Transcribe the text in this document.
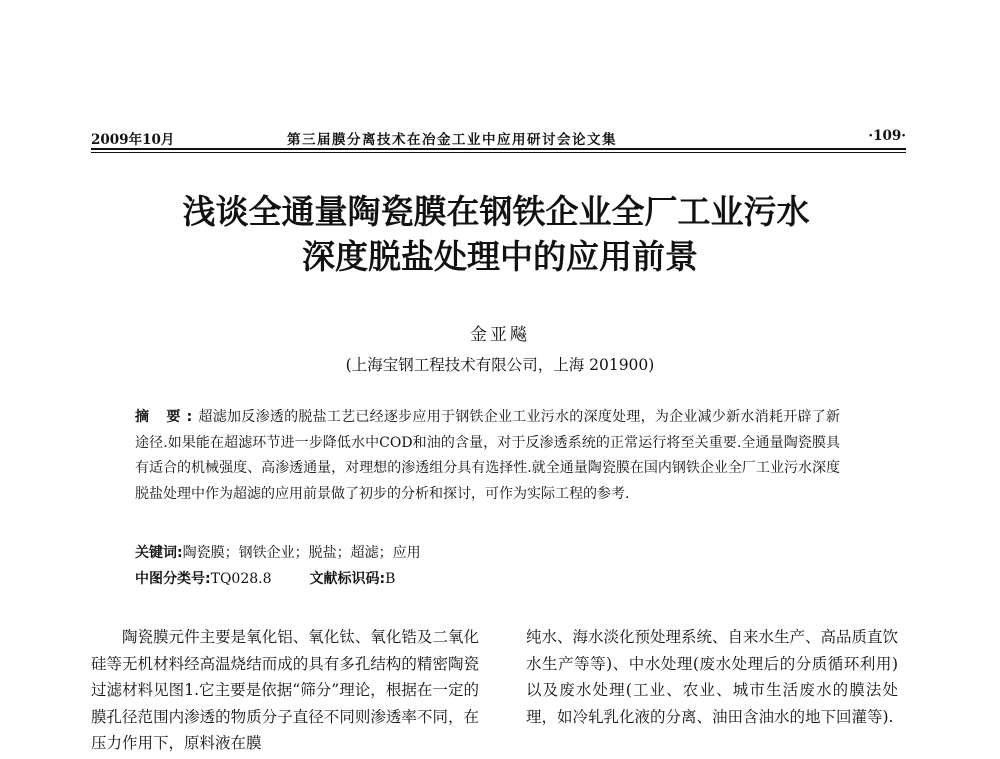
2009年10月	第三届膜分离技术在冶金工业中应用研讨会论文集	·109·
浅谈全通量陶瓷膜在钢铁企业全厂工业污水
深度脱盐处理中的应用前景
金亚飚
(上海宝钢工程技术有限公司，上海 201900)
摘 要:超滤加反渗透的脱盐工艺已经逐步应用于钢铁企业工业污水的深度处理，为企业减少新水消耗开辟了新途径.如果能在超滤环节进一步降低水中COD和油的含量，对于反渗透系统的正常运行将至关重要.全通量陶瓷膜具有适合的机械强度、高渗透通量，对理想的渗透组分具有选择性.就全通量陶瓷膜在国内钢铁企业全厂工业污水深度脱盐处理中作为超滤的应用前景做了初步的分析和探讨，可作为实际工程的参考.
关键词:陶瓷膜；钢铁企业；脱盐；超滤；应用
中图分类号:TQ028.8	文献标识码:B
陶瓷膜元件主要是氧化铝、氧化钛、氧化锆及二氧化硅等无机材料经高温烧结而成的具有多孔结构的精密陶瓷过滤材料见图1.它主要是依据“筛分”理论，根据在一定的膜孔径范围内渗透的物质分子直径不同则渗透率不同，在压力作用下，原料液在膜
纯水、海水淡化预处理系统、自来水生产、高品质直饮水生产等等)、中水处理(废水处理后的分质循环利用)以及废水处理(工业、农业、城市生活废水的膜法处理，如冷轧乳化液的分离、油田含油水的地下回灌等).
